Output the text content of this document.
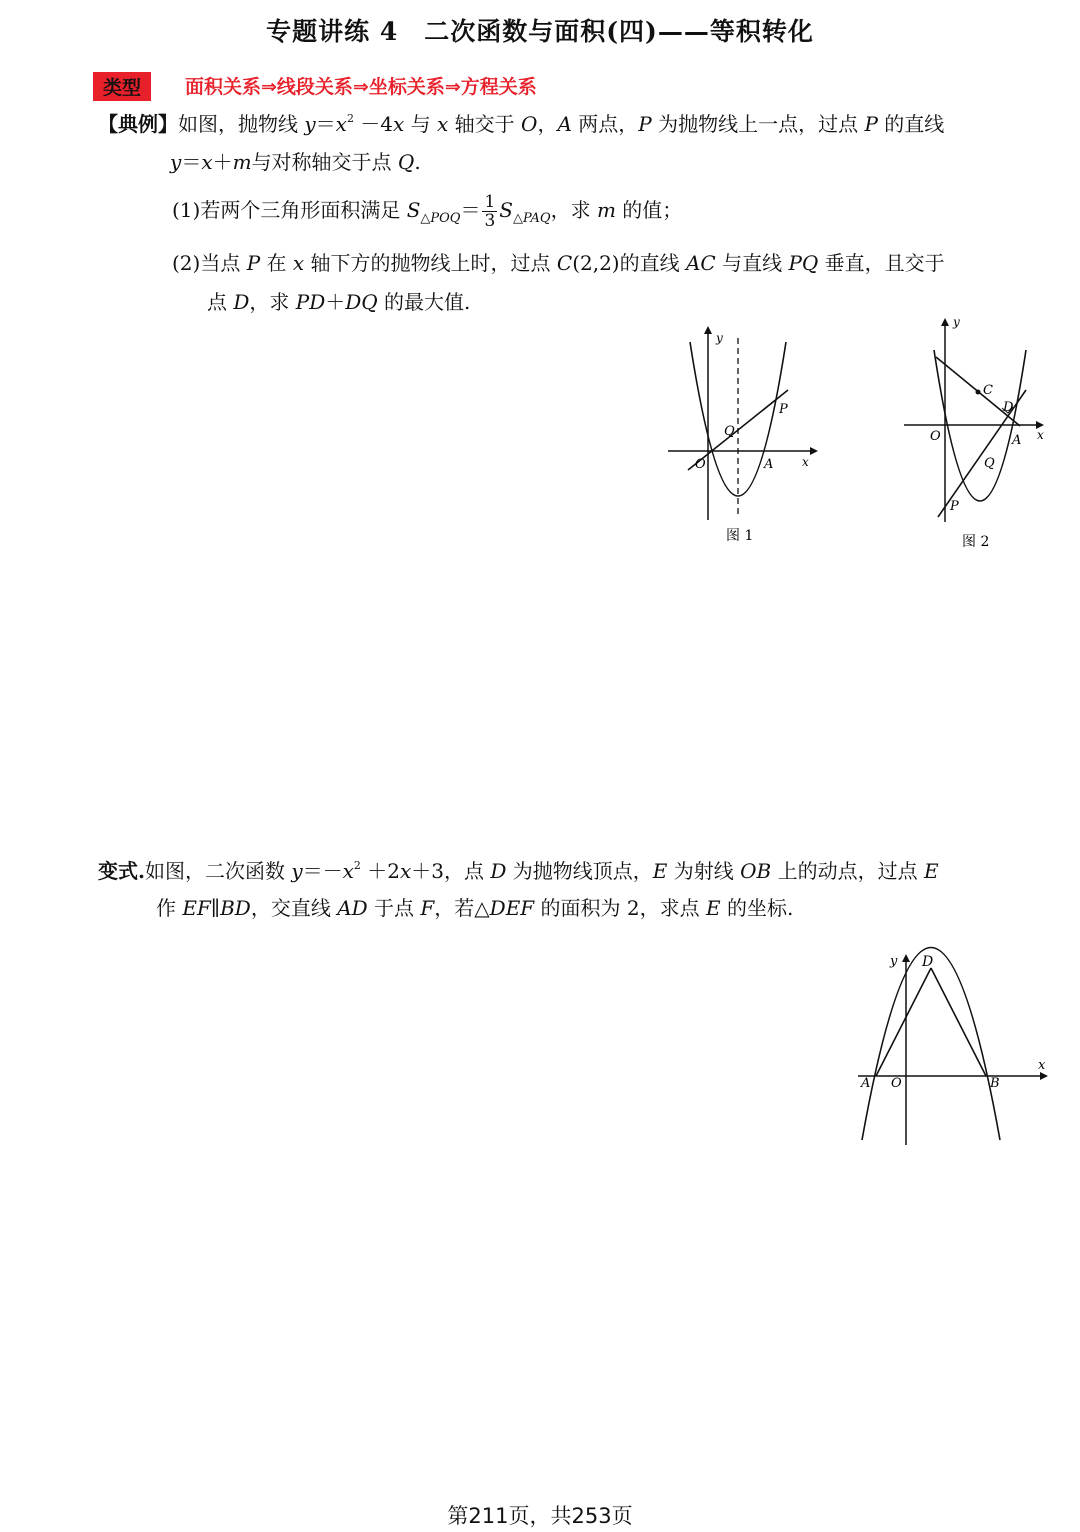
专题讲练 4　二次函数与面积(四)——等积转化
类型	面积关系⇒线段关系⇒坐标关系⇒方程关系
【典例】如图，抛物线 $y=x^2 -4x$ 与 x 轴交于 O，A 两点，P 为抛物线上一点，过点 P 的直线
y＝x＋m与对称轴交于点 Q.
(1)若两个三角形面积满足 $S_{\triangle POQ}= \frac{1}{3} S_{\triangle PAQ}$，求 m 的值；
(2)当点 P 在 x 轴下方的抛物线上时，过点 C(2,2)的直线 AC 与直线 PQ 垂直，且交于
点 D，求 PD＋DQ 的最大值.
y
x
O	A
P
Q
图 1
y
x
O	A
P
Q
C
D
图 2
变式.如图，二次函数 $y=-x^2 +2x+3$，点 D 为抛物线顶点，E 为射线 OB 上的动点，过点 E
作 EF∥BD，交直线 AD 于点 F，若△DEF 的面积为 2，求点 E 的坐标.
y
x
D
A O	B
第211页，共253页
